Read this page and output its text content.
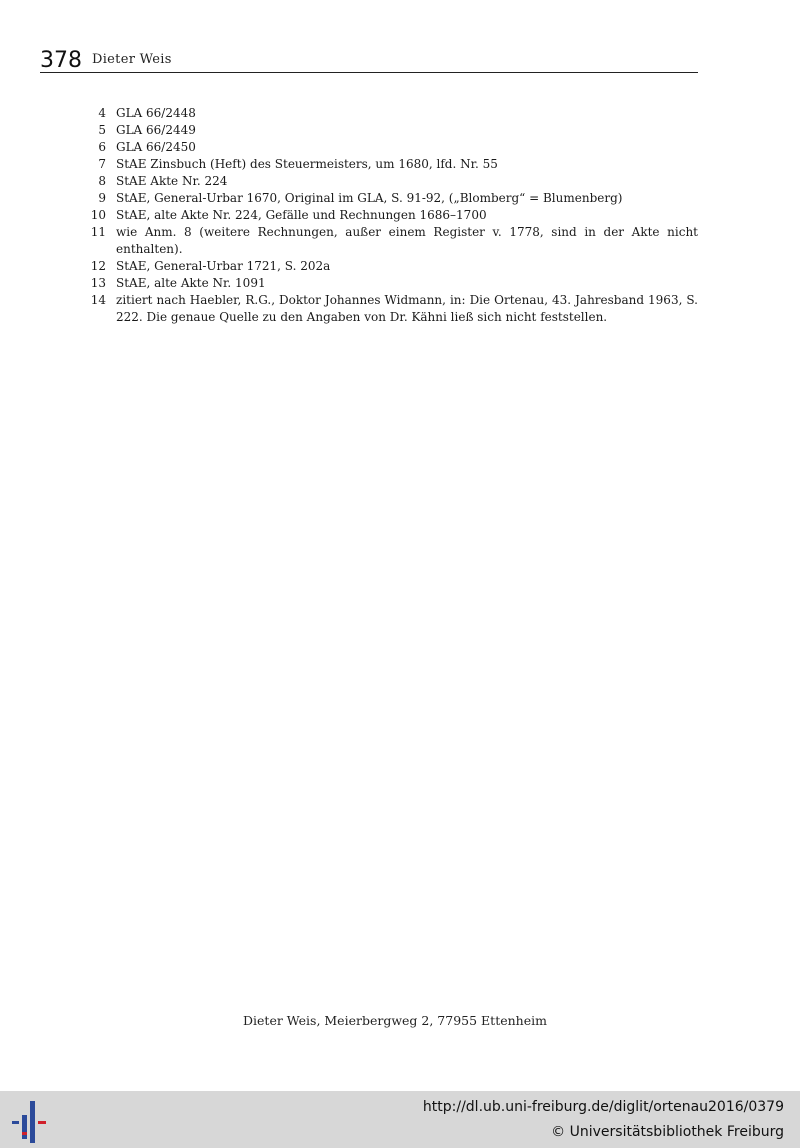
378 Dieter Weis
4 GLA 66/2448
5 GLA 66/2449
6 GLA 66/2450
7 StAE Zinsbuch (Heft) des Steuermeisters, um 1680, lfd. Nr. 55
8 StAE Akte Nr. 224
9 StAE, General-Urbar 1670, Original im GLA, S. 91-92, („Blomberg“ = Blumenberg)
10 StAE, alte Akte Nr. 224, Gefälle und Rechnungen 1686–1700
11 wie Anm. 8 (weitere Rechnungen, außer einem Register v. 1778, sind in der Akte nicht enthalten).
12 StAE, General-Urbar 1721, S. 202a
13 StAE, alte Akte Nr. 1091
14 zitiert nach Haebler, R.G., Doktor Johannes Widmann, in: Die Ortenau, 43. Jahresband 1963, S. 222. Die genaue Quelle zu den Angaben von Dr. Kähni ließ sich nicht feststellen.
Dieter Weis, Meierbergweg 2, 77955 Ettenheim
http://dl.ub.uni-freiburg.de/diglit/ortenau2016/0379
© Universitätsbibliothek Freiburg
